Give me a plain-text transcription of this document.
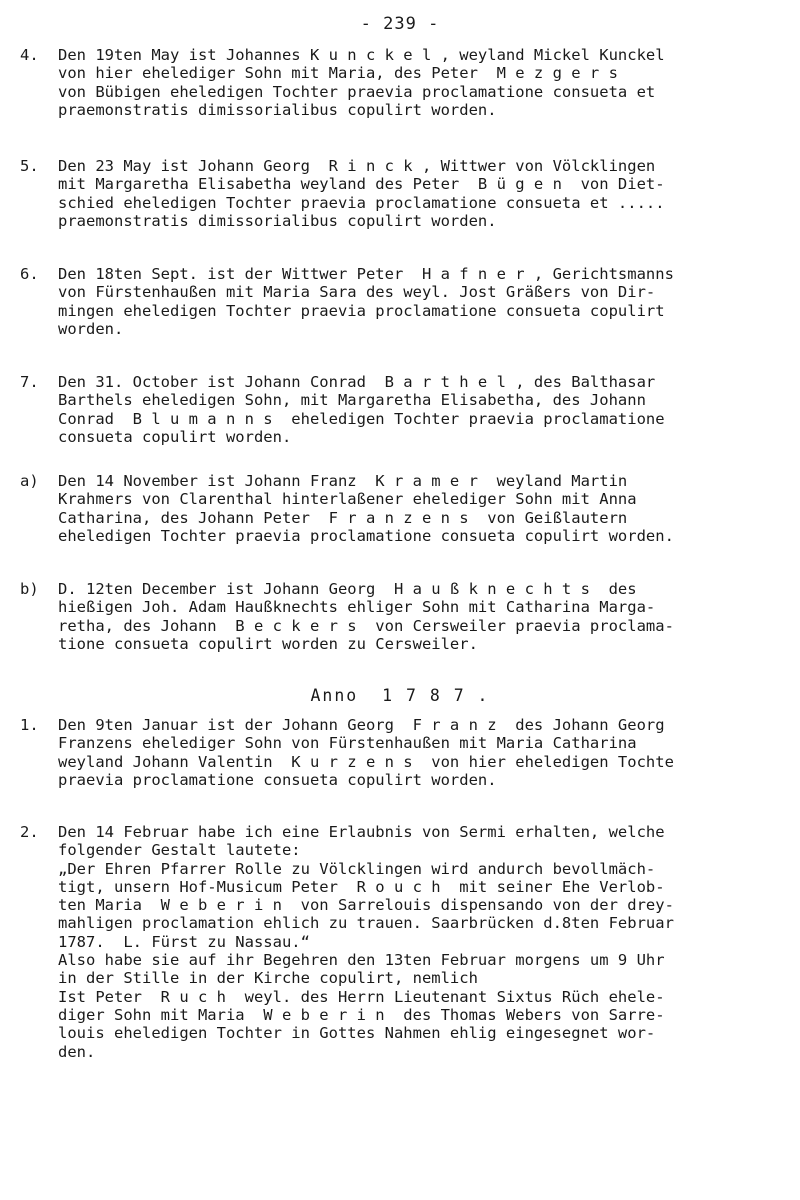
- 239 -
4.	Den 19ten May ist Johannes K u n c k e l , weyland Mickel Kunckel
von hier ehelediger Sohn mit Maria, des Peter  M e z g e r s
von Bübigen eheledigen Tochter praevia proclamatione consueta et
praemonstratis dimissorialibus copulirt worden.
5.	Den 23 May ist Johann Georg  R i n c k , Wittwer von Völcklingen
mit Margaretha Elisabetha weyland des Peter  B ü g e n  von Diet-
schied eheledigen Tochter praevia proclamatione consueta et .....
praemonstratis dimissorialibus copulirt worden.
6.	Den 18ten Sept. ist der Wittwer Peter  H a f n e r , Gerichtsmanns
von Fürstenhaußen mit Maria Sara des weyl. Jost Gräßers von Dir-
mingen eheledigen Tochter praevia proclamatione consueta copulirt
worden.
7.	Den 31. October ist Johann Conrad  B a r t h e l , des Balthasar
Barthels eheledigen Sohn, mit Margaretha Elisabetha, des Johann
Conrad  B l u m a n n s  eheledigen Tochter praevia proclamatione
consueta copulirt worden.
a)	Den 14 November ist Johann Franz  K r a m e r  weyland Martin
Krahmers von Clarenthal hinterlaßener ehelediger Sohn mit Anna
Catharina, des Johann Peter  F r a n z e n s  von Geißlautern
eheledigen Tochter praevia proclamatione consueta copulirt worden.
b)	D. 12ten December ist Johann Georg  H a u ß k n e c h t s  des
hießigen Joh. Adam Haußknechts ehliger Sohn mit Catharina Marga-
retha, des Johann  B e c k e r s  von Cersweiler praevia proclama-
tione consueta copulirt worden zu Cersweiler.
Anno  1 7 8 7 .
1.	Den 9ten Januar ist der Johann Georg  F r a n z  des Johann Georg
Franzens ehelediger Sohn von Fürstenhaußen mit Maria Catharina
weyland Johann Valentin  K u r z e n s  von hier eheledigen Tochte
praevia proclamatione consueta copulirt worden.
2.	Den 14 Februar habe ich eine Erlaubnis von Sermi erhalten, welche
folgender Gestalt lautete:
„Der Ehren Pfarrer Rolle zu Völcklingen wird andurch bevollmäch-
tigt, unsern Hof-Musicum Peter  R o u c h  mit seiner Ehe Verlob-
ten Maria  W e b e r i n  von Sarrelouis dispensando von der drey-
mahligen proclamation ehlich zu trauen. Saarbrücken d.8ten Februar
1787.  L. Fürst zu Nassau.“
Also habe sie auf ihr Begehren den 13ten Februar morgens um 9 Uhr
in der Stille in der Kirche copulirt, nemlich
Ist Peter  R u c h  weyl. des Herrn Lieutenant Sixtus Rüch ehele-
diger Sohn mit Maria  W e b e r i n  des Thomas Webers von Sarre-
louis eheledigen Tochter in Gottes Nahmen ehlig eingesegnet wor-
den.
